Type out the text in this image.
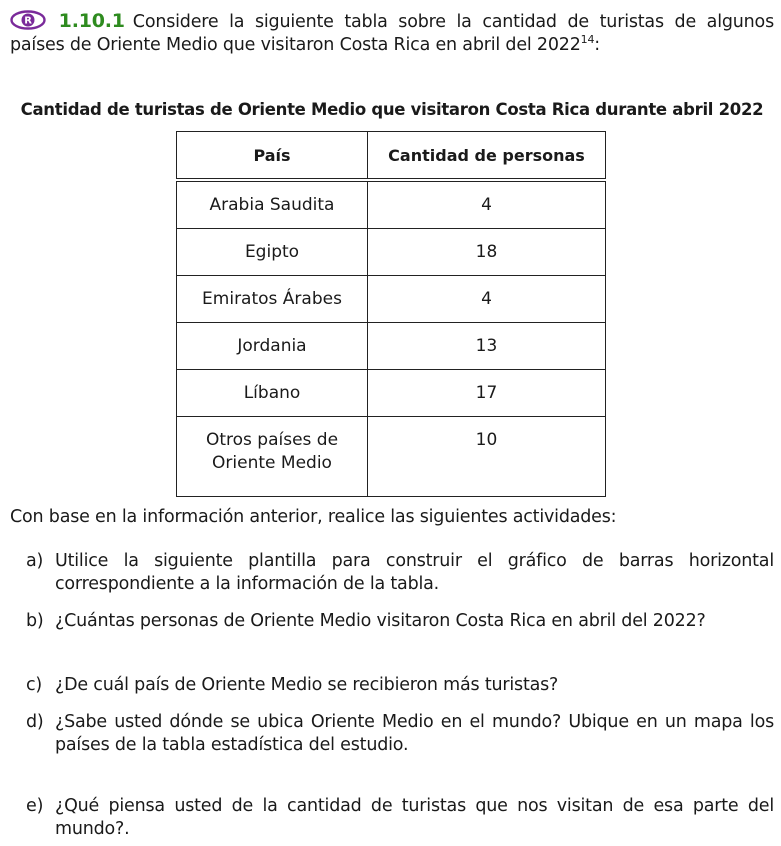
R 1.10.1 Considere la siguiente tabla sobre la cantidad de turistas de algunos países de Oriente Medio que visitaron Costa Rica en abril del 2022$^{14}$:
Cantidad de turistas de Oriente Medio que visitaron Costa Rica durante abril 2022
País	Cantidad de personas

Arabia Saudita	4
Egipto	18
Emiratos Árabes	4
Jordania	13
Líbano	17
Otros países de
Oriente Medio	10
Con base en la información anterior, realice las siguientes actividades:
a) Utilice la siguiente plantilla para construir el gráfico de barras horizontal correspondiente a la información de la tabla.
b) ¿Cuántas personas de Oriente Medio visitaron Costa Rica en abril del 2022?
c) ¿De cuál país de Oriente Medio se recibieron más turistas?
d) ¿Sabe usted dónde se ubica Oriente Medio en el mundo? Ubique en un mapa los países de la tabla estadística del estudio.
e) ¿Qué piensa usted de la cantidad de turistas que nos visitan de esa parte del mundo?.
